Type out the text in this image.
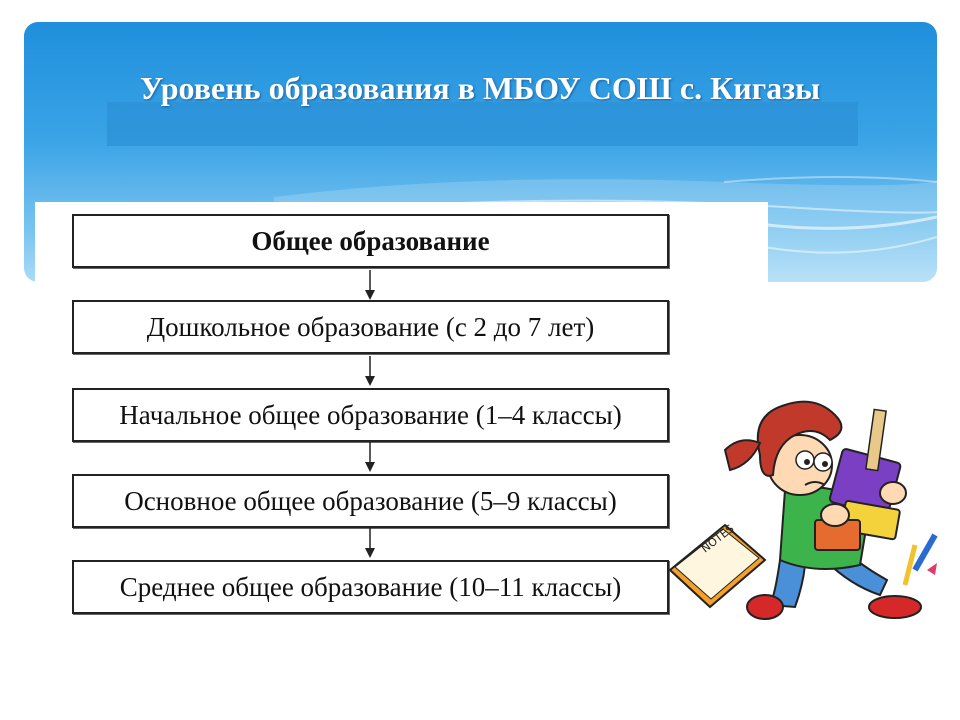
Уровень образования в МБОУ СОШ с. Кигазы
Общее образование
Дошкольное образование (с 2 до 7 лет)
Начальное общее образование (1–4 классы)
Основное общее образование (5–9 классы)
Среднее общее образование (10–11 классы)
NOTES
